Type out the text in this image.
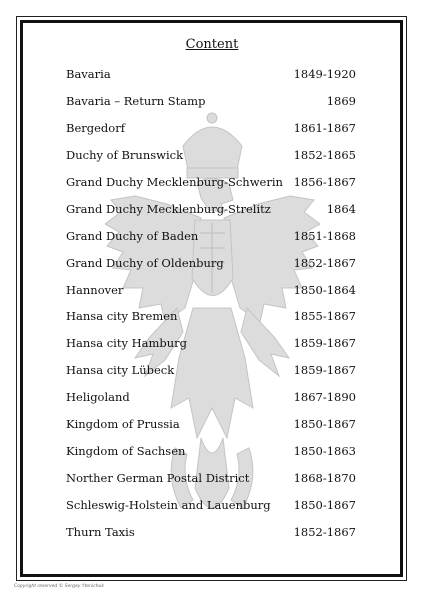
Content
Bavaria	1849-1920
Bavaria – Return Stamp	1869
Bergedorf	1861-1867
Duchy of Brunswick	1852-1865
Grand Duchy Mecklenburg-Schwerin 1856-1867
Grand Duchy Mecklenburg-Strelitz	1864
Grand Duchy of Baden	1851-1868
Grand Duchy of Oldenburg	1852-1867
Hannover	1850-1864
Hansa city Bremen	1855-1867
Hansa city Hamburg	1859-1867
Hansa city Lübeck	1859-1867
Heligoland	1867-1890
Kingdom of Prussia	1850-1867
Kingdom of Sachsen	1850-1863
Norther German Postal District	1868-1870
Schleswig-Holstein and Lauenburg 1850-1867
Thurn Taxis	1852-1867
Copyright reserved © Sergey Ytenichuk
